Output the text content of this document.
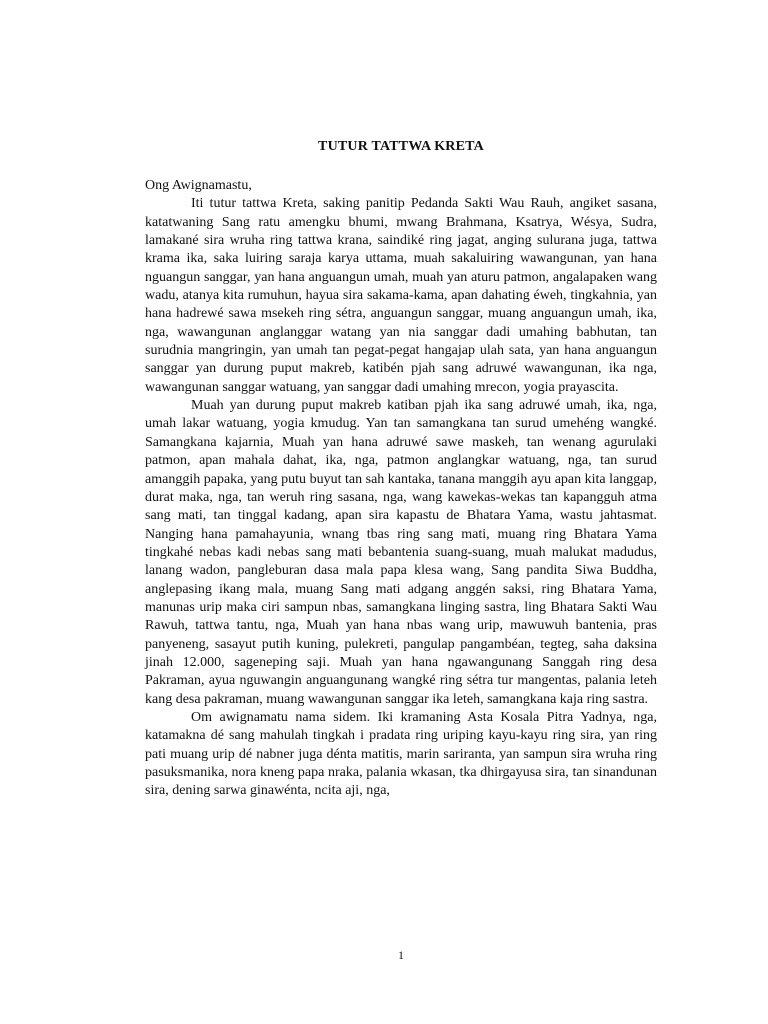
TUTUR TATTWA KRETA

Ong Awignamastu,

Iti tutur tattwa Kreta, saking panitip Pedanda Sakti Wau Rauh, angiket sasana, katatwaning Sang ratu amengku bhumi, mwang Brahmana, Ksatrya, Wésya, Sudra, lamakané sira wruha ring tattwa krana, saindiké ring jagat, anging sulurana juga, tattwa krama ika, saka luiring saraja karya uttama, muah sakaluiring wawangunan, yan hana nguangun sanggar, yan hana anguangun umah, muah yan aturu patmon, angalapaken wang wadu, atanya kita rumuhun, hayua sira sakama-kama, apan dahating éweh, tingkahnia, yan hana hadrewé sawa msekeh ring sétra, anguangun sanggar, muang anguangun umah, ika, nga, wawangunan anglanggar watang yan nia sanggar dadi umahing babhutan, tan surudnia mangringin, yan umah tan pegat-pegat hangajap ulah sata, yan hana anguangun sanggar yan durung puput makreb, katibén pjah sang adruwé wawangunan, ika nga, wawangunan sanggar watuang, yan sanggar dadi umahing mrecon, yogia prayascita.

Muah yan durung puput makreb katiban pjah ika sang adruwé umah, ika, nga, umah lakar watuang, yogia kmudug. Yan tan samangkana tan surud umehéng wangké. Samangkana kajarnia, Muah yan hana adruwé sawe maskeh, tan wenang agurulaki patmon, apan mahala dahat, ika, nga, patmon anglangkar watuang, nga, tan surud amanggih papaka, yang putu buyut tan sah kantaka, tanana manggih ayu apan kita langgap, durat maka, nga, tan weruh ring sasana, nga, wang kawekas-wekas tan kapangguh atma sang mati, tan tinggal kadang, apan sira kapastu de Bhatara Yama, wastu jahtasmat. Nanging hana pamahayunia, wnang tbas ring sang mati, muang ring Bhatara Yama tingkahé nebas kadi nebas sang mati bebantenia suang-suang, muah malukat madudus, lanang wadon, pangleburan dasa mala papa klesa wang, Sang pandita Siwa Buddha, anglepasing ikang mala, muang Sang mati adgang anggén saksi, ring Bhatara Yama, manunas urip maka ciri sampun nbas, samangkana linging sastra, ling Bhatara Sakti Wau Rawuh, tattwa tantu, nga, Muah yan hana nbas wang urip, mawuwuh bantenia, pras panyeneng, sasayut putih kuning, pulekreti, pangulap pangambéan, tegteg, saha daksina jinah 12.000, sageneping saji. Muah yan hana ngawangunang Sanggah ring desa Pakraman, ayua nguwangin anguangunang wangké ring sétra tur mangentas, palania leteh kang desa pakraman, muang wawangunan sanggar ika leteh, samangkana kaja ring sastra.

Om awignamatu nama sidem. Iki kramaning Asta Kosala Pitra Yadnya, nga, katamakna dé sang mahulah tingkah i pradata ring uriping kayu-kayu ring sira, yan ring pati muang urip dé nabner juga dénta matitis, marin sariranta, yan sampun sira wruha ring pasuksmanika, nora kneng papa nraka, palania wkasan, tka dhirgayusa sira, tan sinandunan sira, dening sarwa ginawénta, ncita aji, nga,

1
